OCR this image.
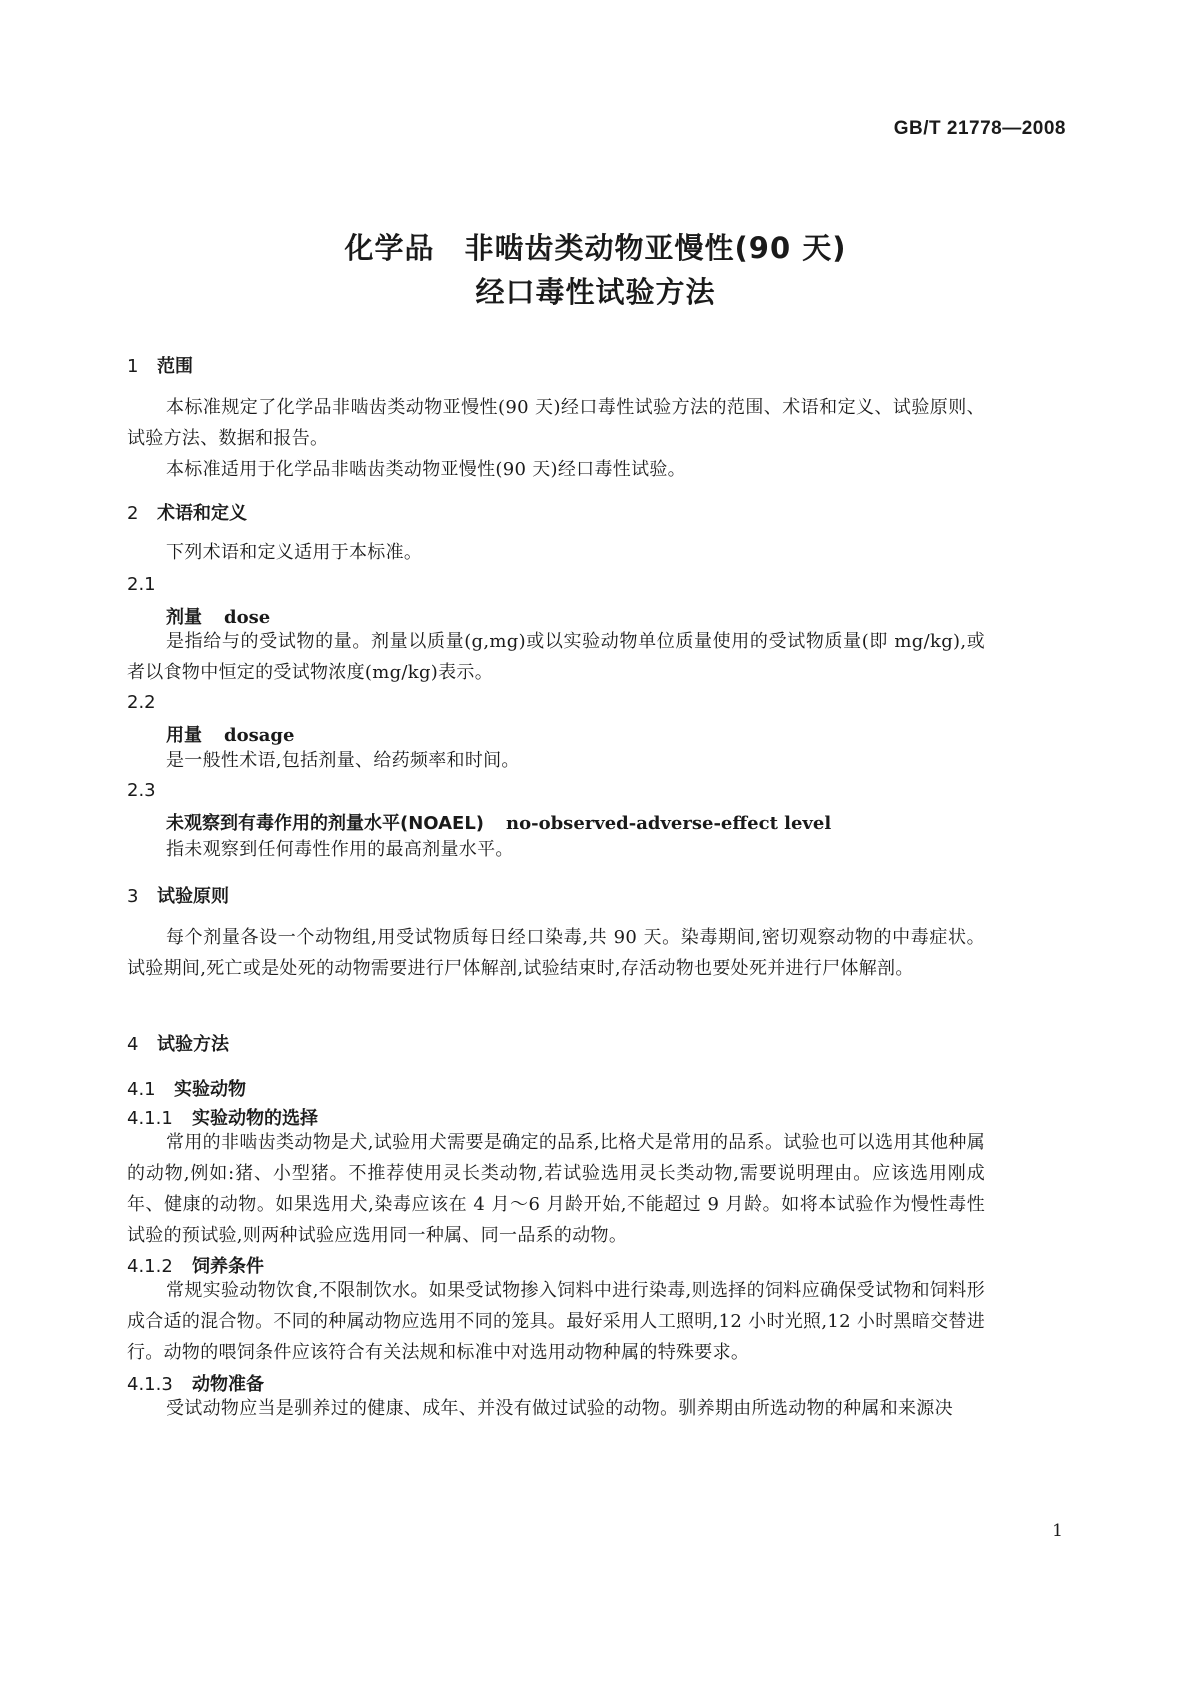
GB/T 21778—2008
化学品　非啮齿类动物亚慢性(90 天)
经口毒性试验方法
1 范围
本标准规定了化学品非啮齿类动物亚慢性(90 天)经口毒性试验方法的范围、术语和定义、试验原则、试验方法、数据和报告。
本标准适用于化学品非啮齿类动物亚慢性(90 天)经口毒性试验。
2 术语和定义
下列术语和定义适用于本标准。
2.1
剂量 dose
是指给与的受试物的量。剂量以质量(g,mg)或以实验动物单位质量使用的受试物质量(即 mg/kg),或者以食物中恒定的受试物浓度(mg/kg)表示。
2.2
用量 dosage
是一般性术语,包括剂量、给药频率和时间。
2.3
未观察到有毒作用的剂量水平(NOAEL) no-observed-adverse-effect level
指未观察到任何毒性作用的最高剂量水平。
3 试验原则
每个剂量各设一个动物组,用受试物质每日经口染毒,共 90 天。染毒期间,密切观察动物的中毒症状。试验期间,死亡或是处死的动物需要进行尸体解剖,试验结束时,存活动物也要处死并进行尸体解剖。
4 试验方法
4.1 实验动物
4.1.1 实验动物的选择
常用的非啮齿类动物是犬,试验用犬需要是确定的品系,比格犬是常用的品系。试验也可以选用其他种属的动物,例如:猪、小型猪。不推荐使用灵长类动物,若试验选用灵长类动物,需要说明理由。应该选用刚成年、健康的动物。如果选用犬,染毒应该在 4 月～6 月龄开始,不能超过 9 月龄。如将本试验作为慢性毒性试验的预试验,则两种试验应选用同一种属、同一品系的动物。
4.1.2 饲养条件
常规实验动物饮食,不限制饮水。如果受试物掺入饲料中进行染毒,则选择的饲料应确保受试物和饲料形成合适的混合物。不同的种属动物应选用不同的笼具。最好采用人工照明,12 小时光照,12 小时黑暗交替进行。动物的喂饲条件应该符合有关法规和标准中对选用动物种属的特殊要求。
4.1.3 动物准备
受试动物应当是驯养过的健康、成年、并没有做过试验的动物。驯养期由所选动物的种属和来源决
1
